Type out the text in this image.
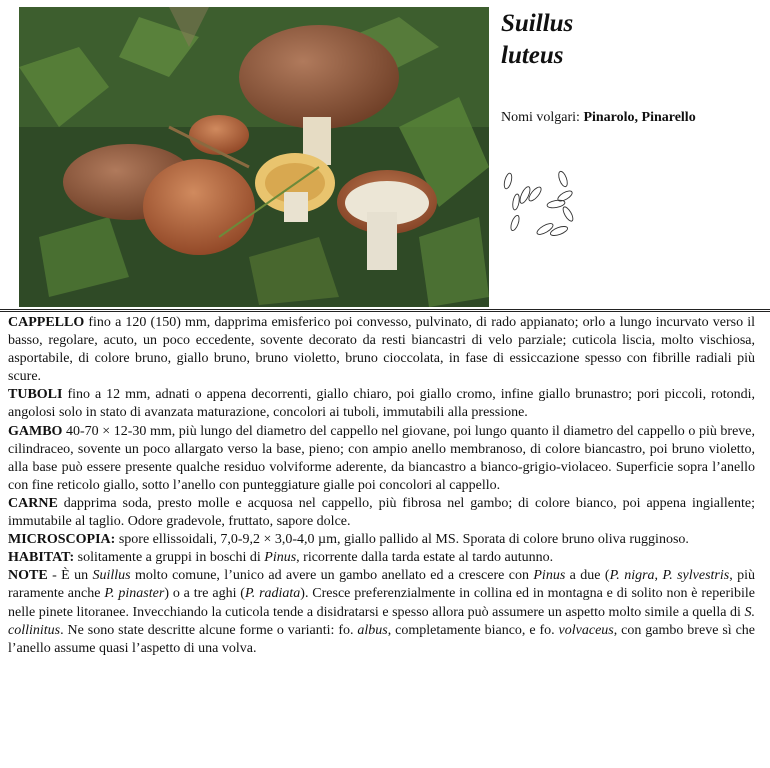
Suillus
luteus
Nomi volgari: Pinarolo, Pinarello

CAPPELLO fino a 120 (150) mm, dapprima emisferico poi convesso, pulvinato, di rado appianato; orlo a lungo incurvato verso il basso, regolare, acuto, un poco eccedente, sovente decorato da resti biancastri di velo parziale; cuticola liscia, molto vischiosa, asportabile, di colore bruno, giallo bruno, bruno violetto, bruno cioccolata, in fase di essiccazione spesso con fibrille radiali più scure.

TUBOLI fino a 12 mm, adnati o appena decorrenti, giallo chiaro, poi giallo cromo, infine giallo brunastro; pori piccoli, rotondi, angolosi solo in stato di avanzata maturazione, concolori ai tuboli, immutabili alla pressione.

GAMBO 40-70 × 12-30 mm, più lungo del diametro del cappello nel giovane, poi lungo quanto il diametro del cappello o più breve, cilindraceo, sovente un poco allargato verso la base, pieno; con ampio anello membranoso, di colore biancastro, poi bruno violetto, alla base può essere presente qualche residuo volviforme aderente, da biancastro a bianco-grigio-violaceo. Superficie sopra l’anello con fine reticolo giallo, sotto l’anello con punteggiature gialle poi concolori al cappello.

CARNE dapprima soda, presto molle e acquosa nel cappello, più fibrosa nel gambo; di colore bianco, poi appena ingiallente; immutabile al taglio. Odore gradevole, fruttato, sapore dolce.

MICROSCOPIA: spore ellissoidali, 7,0-9,2 × 3,0-4,0 µm, giallo pallido al MS. Sporata di colore bruno oliva rugginoso.

HABITAT: solitamente a gruppi in boschi di Pinus, ricorrente dalla tarda estate al tardo autunno.

NOTE - È un Suillus molto comune, l’unico ad avere un gambo anellato ed a crescere con Pinus a due (P. nigra, P. sylvestris, più raramente anche P. pinaster) o a tre aghi (P. radiata). Cresce preferenzialmente in collina ed in montagna e di solito non è reperibile nelle pinete litoranee. Invecchiando la cuticola tende a disidratarsi e spesso allora può assumere un aspetto molto simile a quella di S. collinitus. Ne sono state descritte alcune forme o varianti: fo. albus, completamente bianco, e fo. volvaceus, con gambo breve sì che l’anello assume quasi l’aspetto di una volva.
